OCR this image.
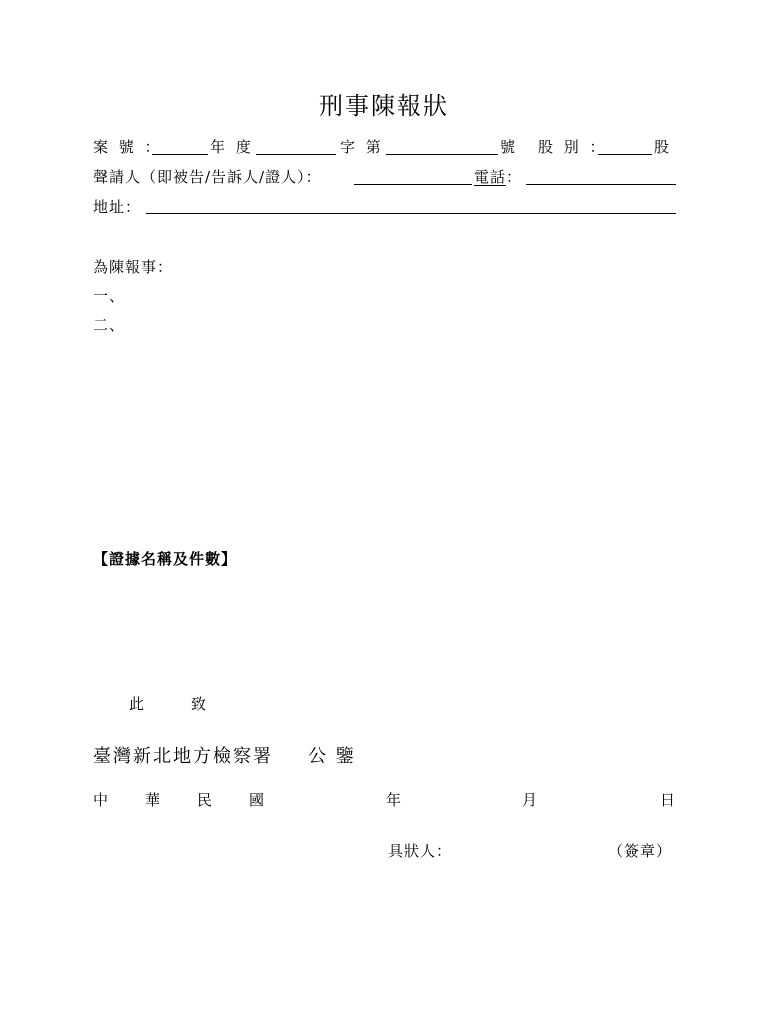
刑事陳報狀
案 號 ：	年 度	字 第	號 股 別 ：	股
聲請人（即被告/告訴人/證人）：	電話：
地址：
為陳報事：
一、
二、
【證據名稱及件數】
此	致
臺灣新北地方檢察署 公 鑒
中 華 民 國	年	月	日
具狀人：	（簽章）
